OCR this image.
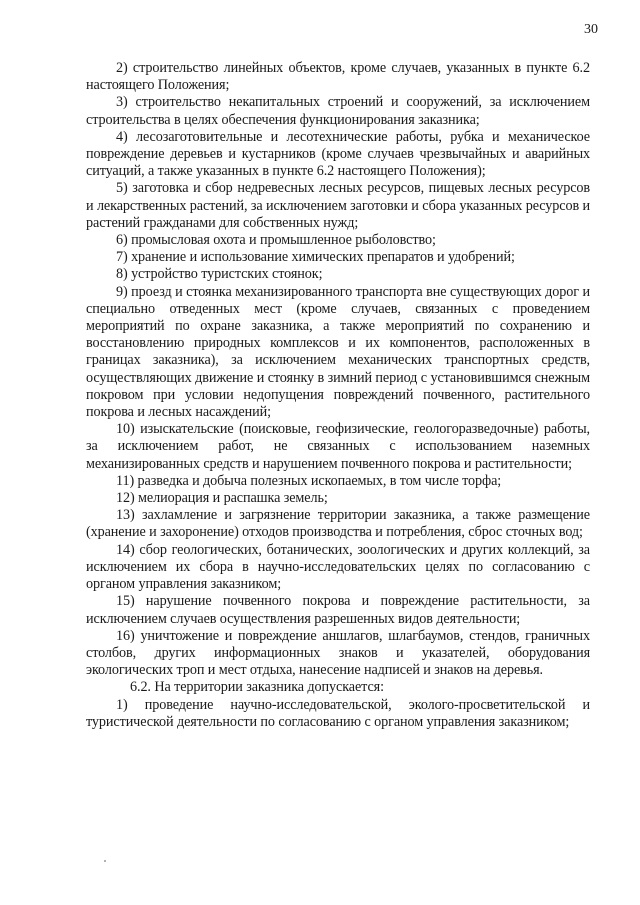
30

2) строительство линейных объектов, кроме случаев, указанных в пункте 6.2 настоящего Положения;

3) строительство некапитальных строений и сооружений, за исключением строительства в целях обеспечения функционирования заказника;

4) лесозаготовительные и лесотехнические работы, рубка и механическое повреждение деревьев и кустарников (кроме случаев чрезвычайных и аварийных ситуаций, а также указанных в пункте 6.2 настоящего Положения);

5) заготовка и сбор недревесных лесных ресурсов, пищевых лесных ресурсов и лекарственных растений, за исключением заготовки и сбора указанных ресурсов и растений гражданами для собственных нужд;

6) промысловая охота и промышленное рыболовство;

7) хранение и использование химических препаратов и удобрений;

8) устройство туристских стоянок;

9) проезд и стоянка механизированного транспорта вне существующих дорог и специально отведенных мест (кроме случаев, связанных с проведением мероприятий по охране заказника, а также мероприятий по сохранению и восстановлению природных комплексов и их компонентов, расположенных в границах заказника), за исключением механических транспортных средств, осуществляющих движение и стоянку в зимний период с установившимся снежным покровом при условии недопущения повреждений почвенного, растительного покрова и лесных насаждений;

10) изыскательские (поисковые, геофизические, геологоразведочные) работы, за исключением работ, не связанных с использованием наземных механизированных средств и нарушением почвенного покрова и растительности;

11) разведка и добыча полезных ископаемых, в том числе торфа;

12) мелиорация и распашка земель;

13) захламление и загрязнение территории заказника, а также размещение (хранение и захоронение) отходов производства и потребления, сброс сточных вод;

14) сбор геологических, ботанических, зоологических и других коллекций, за исключением их сбора в научно-исследовательских целях по согласованию с органом управления заказником;

15) нарушение почвенного покрова и повреждение растительности, за исключением случаев осуществления разрешенных видов деятельности;

16) уничтожение и повреждение аншлагов, шлагбаумов, стендов, граничных столбов, других информационных знаков и указателей, оборудования экологических троп и мест отдыха, нанесение надписей и знаков на деревья.

6.2. На территории заказника допускается:

1) проведение научно-исследовательской, эколого-просветительской и туристической деятельности по согласованию с органом управления заказником;
